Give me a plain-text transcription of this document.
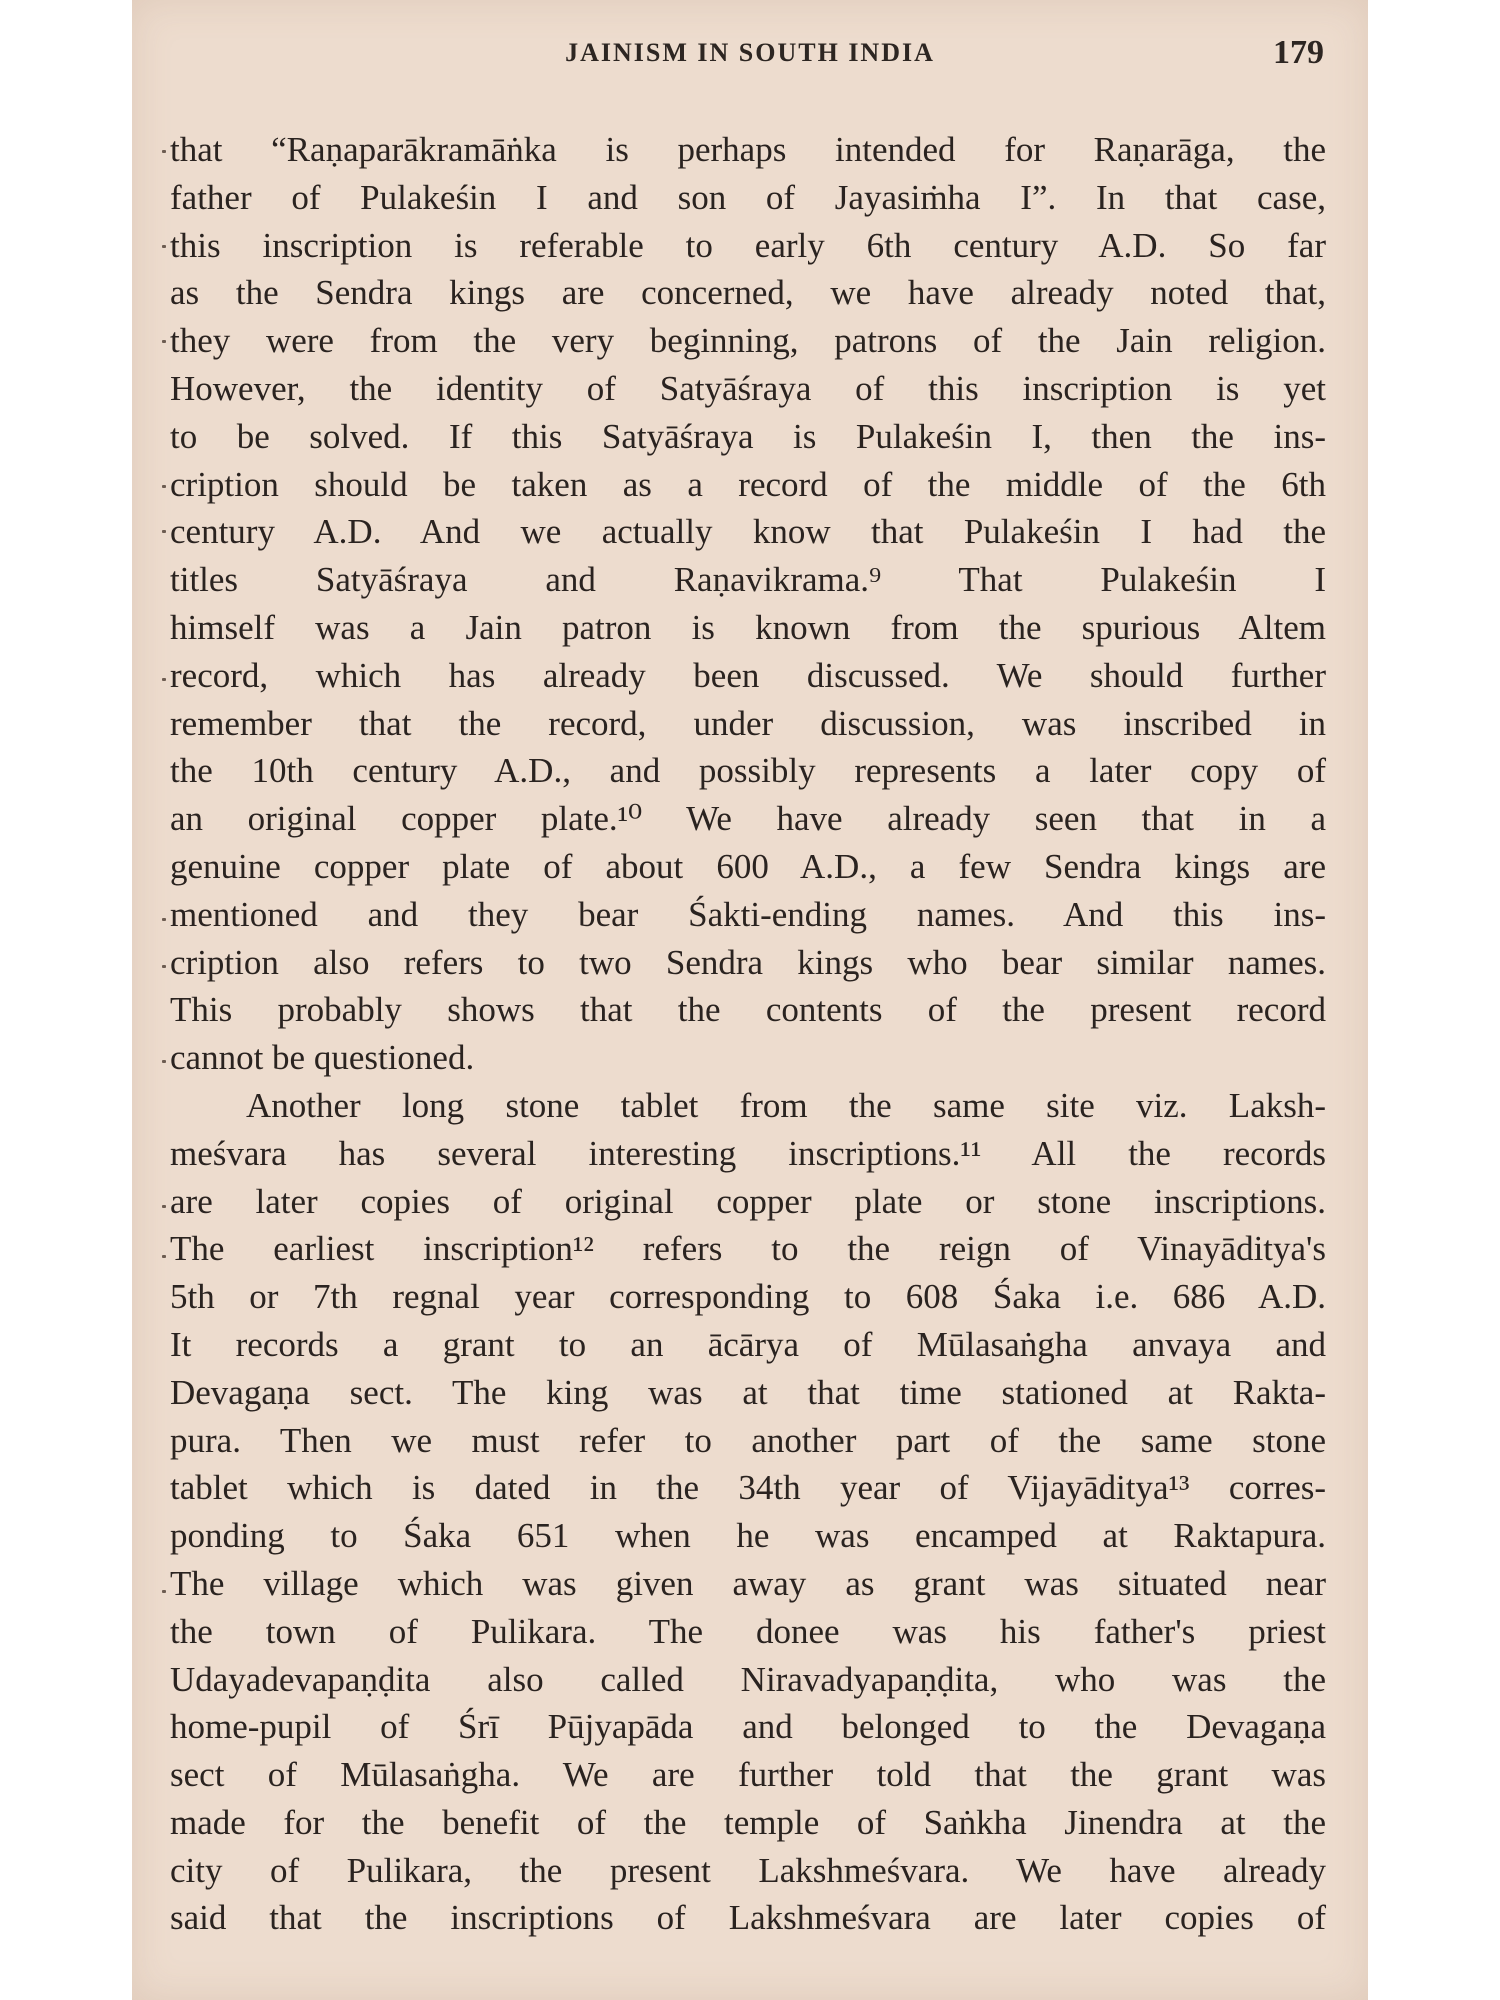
JAINISM IN SOUTH INDIA	179
that “Raṇaparākramāṅka is perhaps intended for Raṇarāga, the
father of Pulakeśin I and son of Jayasiṁha I”. In that case,
this inscription is referable to early 6th century A.D. So far
as the Sendra kings are concerned, we have already noted that,
they were from the very beginning, patrons of the Jain religion.
However, the identity of Satyāśraya of this inscription is yet
to be solved. If this Satyāśraya is Pulakeśin I, then the ins-
cription should be taken as a record of the middle of the 6th
century A.D. And we actually know that Pulakeśin I had the
titles Satyāśraya and Raṇavikrama.⁹ That Pulakeśin I
himself was a Jain patron is known from the spurious Altem
record, which has already been discussed. We should further
remember that the record, under discussion, was inscribed in
the 10th century A.D., and possibly represents a later copy of
an original copper plate.¹⁰ We have already seen that in a
genuine copper plate of about 600 A.D., a few Sendra kings are
mentioned and they bear Śakti-ending names. And this ins-
cription also refers to two Sendra kings who bear similar names.
This probably shows that the contents of the present record
cannot be questioned.
Another long stone tablet from the same site viz. Laksh-
meśvara has several interesting inscriptions.¹¹ All the records
are later copies of original copper plate or stone inscriptions.
The earliest inscription¹² refers to the reign of Vinayāditya's
5th or 7th regnal year corresponding to 608 Śaka i.e. 686 A.D.
It records a grant to an ācārya of Mūlasaṅgha anvaya and
Devagaṇa sect. The king was at that time stationed at Rakta-
pura. Then we must refer to another part of the same stone
tablet which is dated in the 34th year of Vijayāditya¹³ corres-
ponding to Śaka 651 when he was encamped at Raktapura.
The village which was given away as grant was situated near
the town of Pulikara. The donee was his father's priest
Udayadevapaṇḍita also called Niravadyapaṇḍita, who was the
home-pupil of Śrī Pūjyapāda and belonged to the Devagaṇa
sect of Mūlasaṅgha. We are further told that the grant was
made for the benefit of the temple of Saṅkha Jinendra at the
city of Pulikara, the present Lakshmeśvara. We have already
said that the inscriptions of Lakshmeśvara are later copies of
